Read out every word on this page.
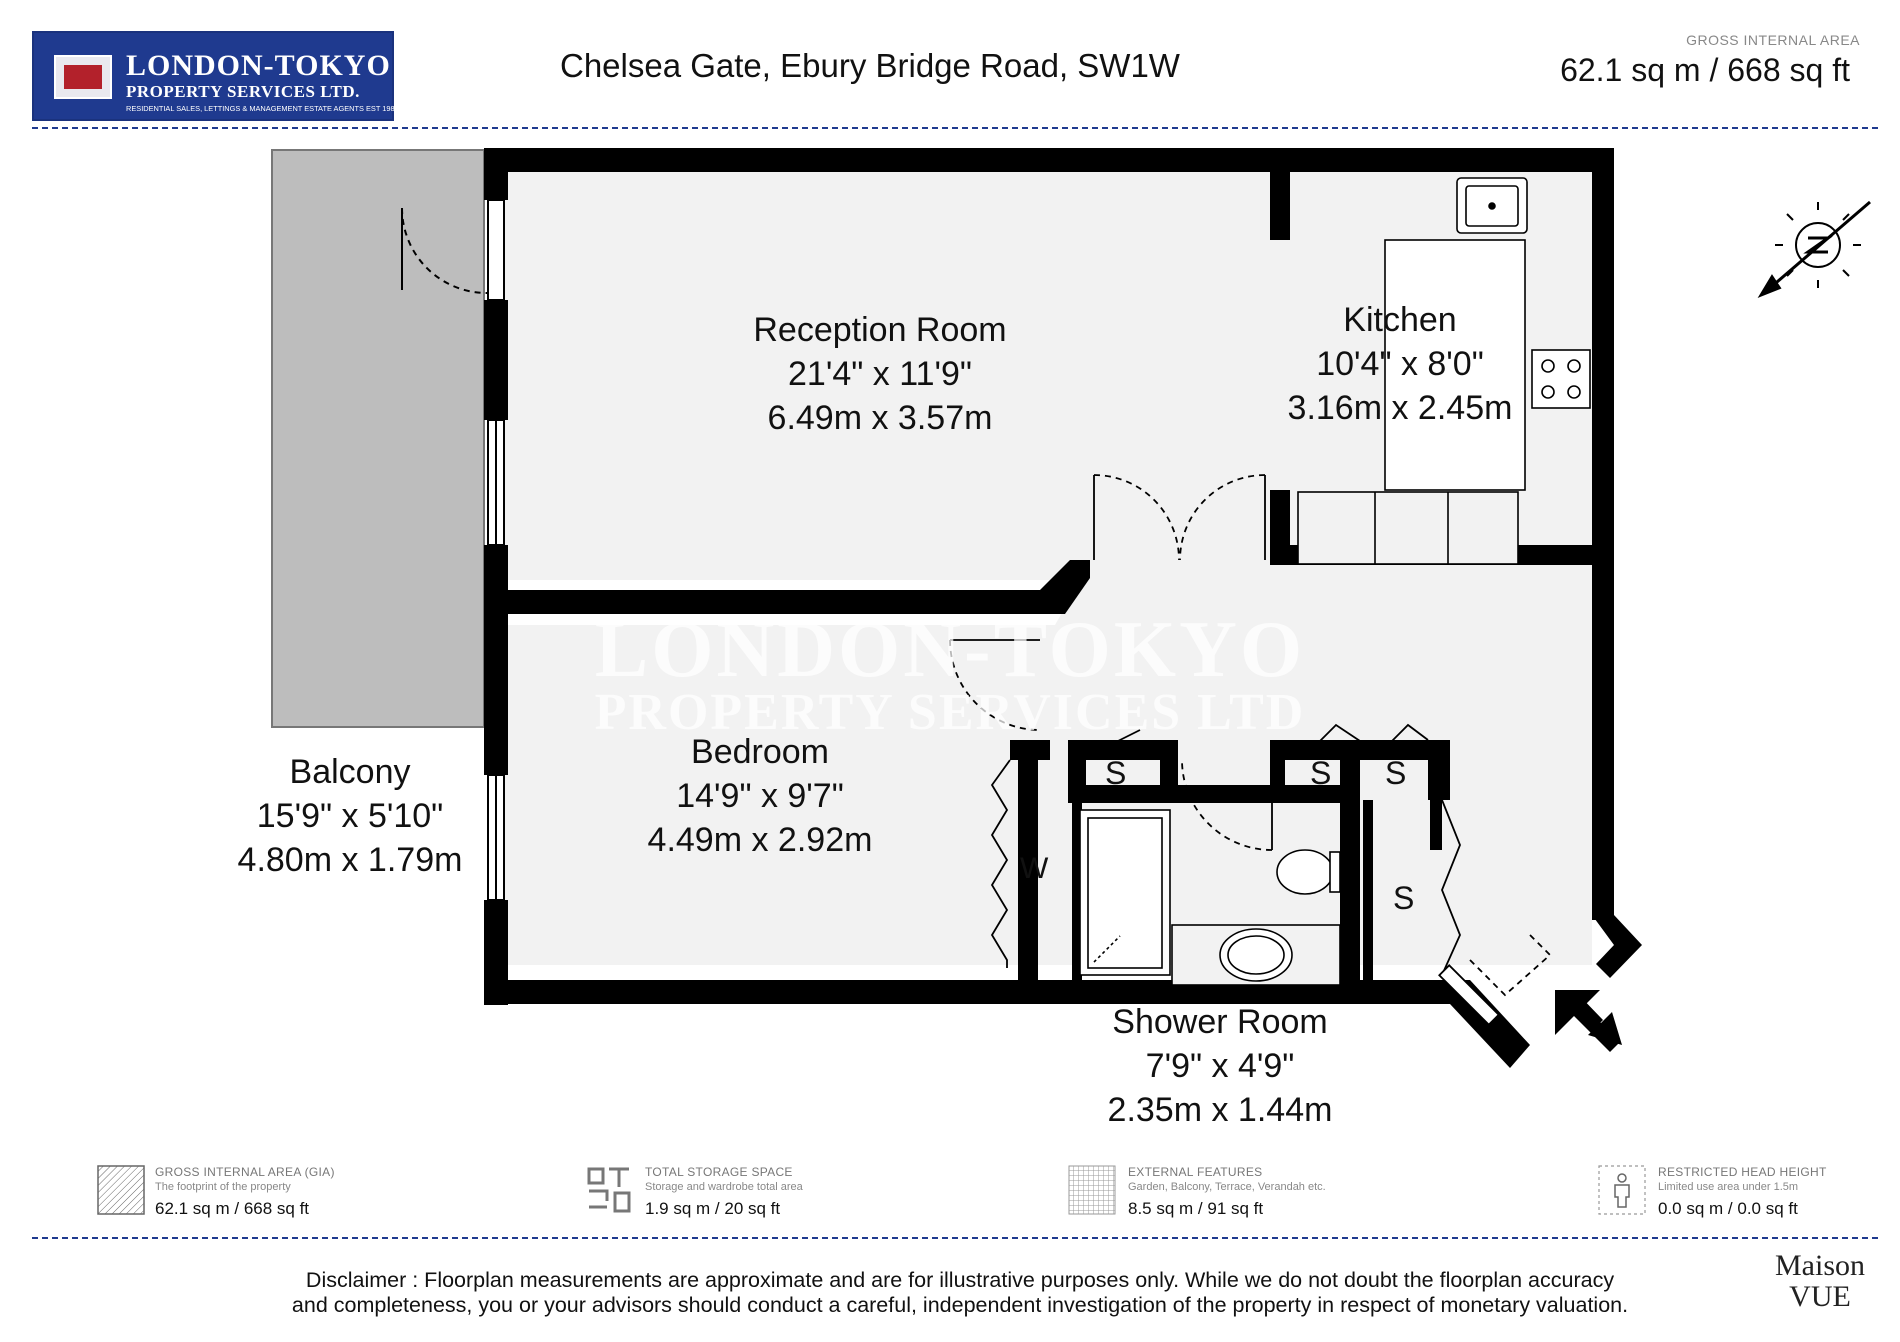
LONDON-TOKYO
PROPERTY SERVICES LTD.
RESIDENTIAL SALES, LETTINGS & MANAGEMENT ESTATE AGENTS EST 1987
Chelsea Gate, Ebury Bridge Road, SW1W
GROSS INTERNAL AREA
62.1 sq m / 668 sq ft
LONDON-TOKYO
PROPERTY SERVICES LTD
Reception Room
21'4" x 11'9"
6.49m x 3.57m
Kitchen
10'4" x 8'0"
3.16m x 2.45m
Bedroom
14'9" x 9'7"
4.49m x 2.92m
Balcony
15'9" x 5'10"
4.80m x 1.79m
Shower Room
7'9" x 4'9"
2.35m x 1.44m
S	S S
S
W
GROSS INTERNAL AREA (GIA)
The footprint of the property
62.1 sq m / 668 sq ft
TOTAL STORAGE SPACE
Storage and wardrobe total area
1.9 sq m / 20 sq ft
EXTERNAL FEATURES
Garden, Balcony, Terrace, Verandah etc.
8.5 sq m / 91 sq ft
RESTRICTED HEAD HEIGHT
Limited use area under 1.5m
0.0 sq m / 0.0 sq ft
Disclaimer : Floorplan measurements are approximate and are for illustrative purposes only. While we do not doubt the floorplan accuracy
and completeness, you or your advisors should conduct a careful, independent investigation of the property in respect of monetary valuation.
Maison
VUE
